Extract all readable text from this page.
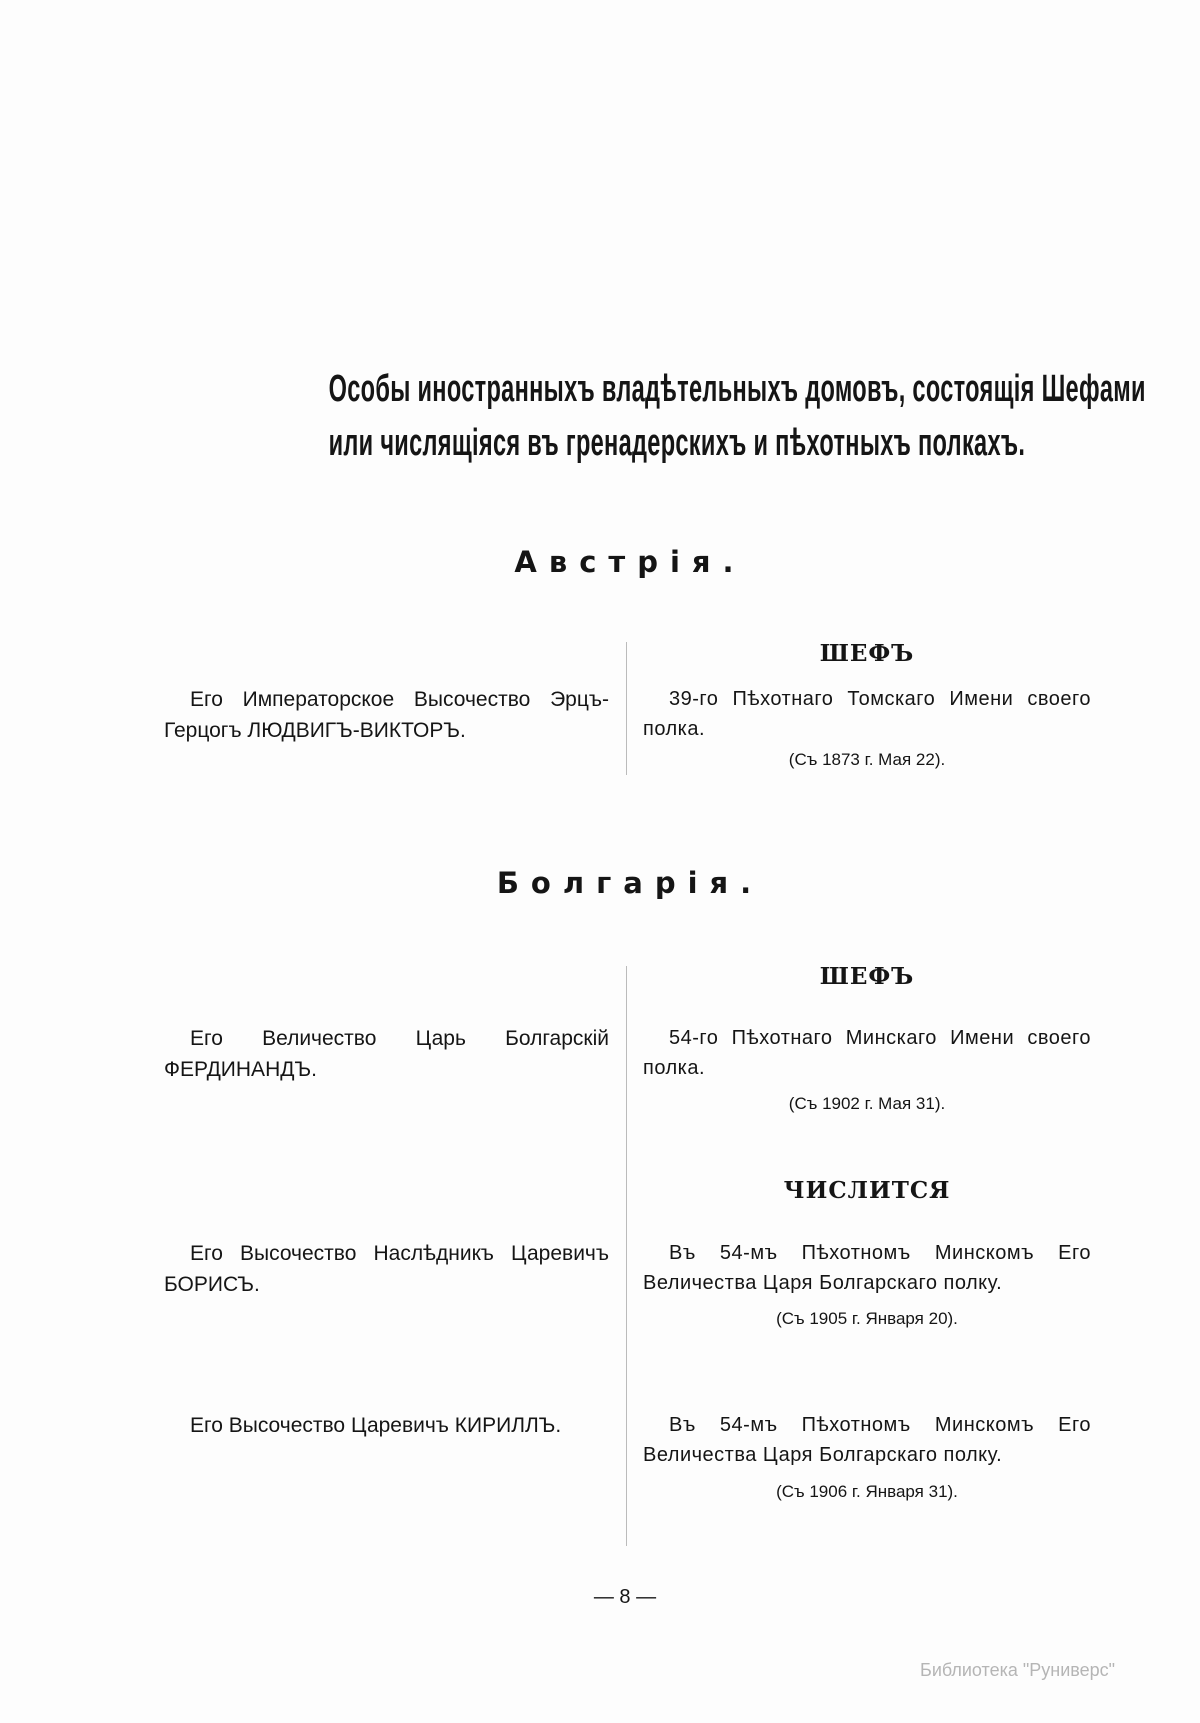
Особы иностранныхъ владѣтельныхъ домовъ, состоящія Шефами
или числящіяся въ гренадерскихъ и пѣхотныхъ полкахъ.
Австрія.
ШЕФЪ
Его Императорское Высочество Эрцъ-Герцогъ ЛЮДВИГЪ-ВИКТОРЪ.
39-го Пѣхотнаго Томскаго Имени своего полка.
(Съ 1873 г. Мая 22).
Болгарія.
ШЕФЪ
Его Величество Царь Болгарскій ФЕРДИНАНДЪ.
54-го Пѣхотнаго Минскаго Имени своего полка.
(Съ 1902 г. Мая 31).
ЧИСЛИТСЯ
Его Высочество Наслѣдникъ Царевичъ БОРИСЪ.
Въ 54-мъ Пѣхотномъ Минскомъ Его Величества Царя Болгарскаго полку.
(Съ 1905 г. Января 20).
Его Высочество Царевичъ КИРИЛЛЪ.	Въ 54-мъ Пѣхотномъ Минскомъ Его Величества Царя Болгарскаго полку.
(Съ 1906 г. Января 31).
— 8 —
Библиотека "Руниверс"
